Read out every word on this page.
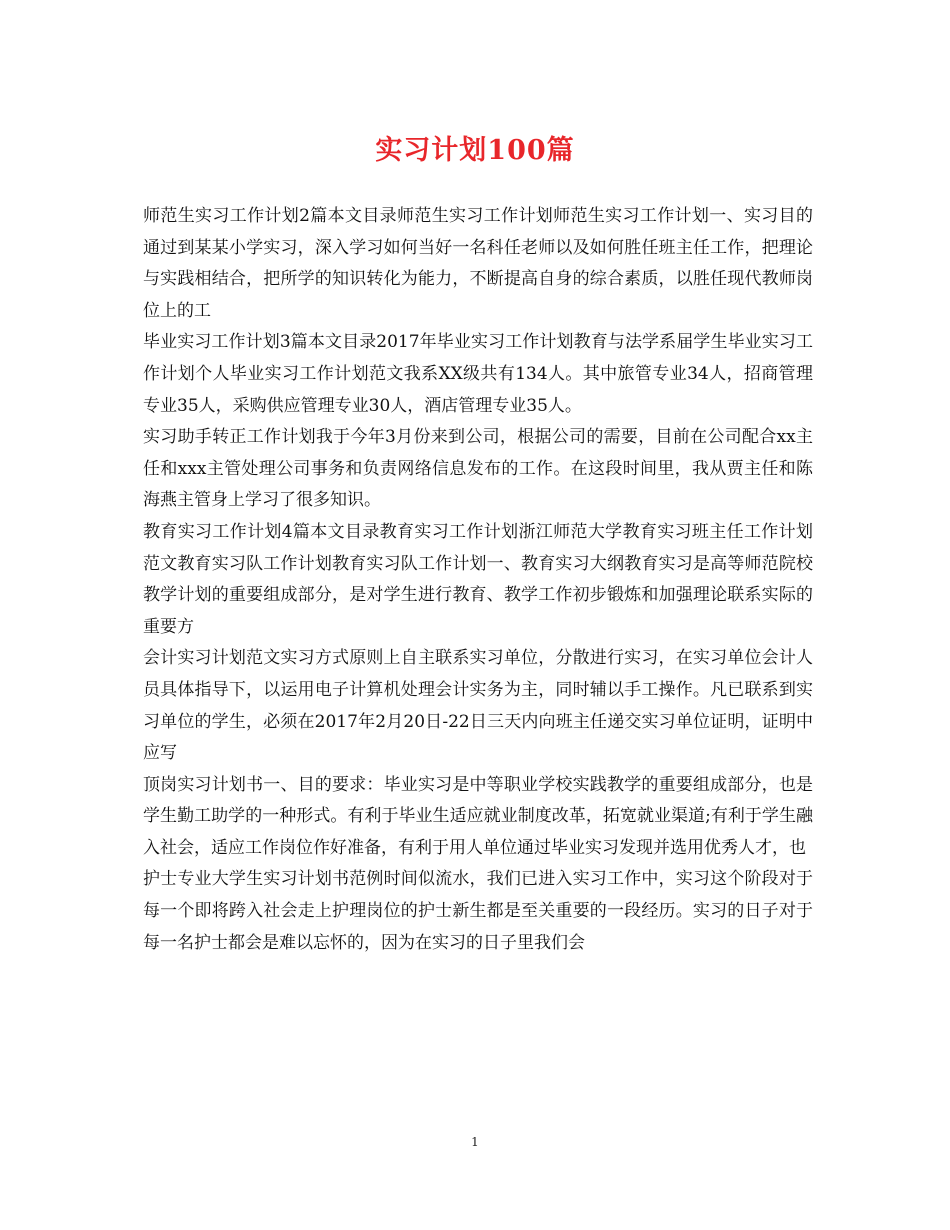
实习计划100篇

师范生实习工作计划2篇本文目录师范生实习工作计划师范生实习工作计划一、实习目的通过到某某小学实习，深入学习如何当好一名科任老师以及如何胜任班主任工作，把理论与实践相结合，把所学的知识转化为能力，不断提高自身的综合素质，以胜任现代教师岗位上的工

毕业实习工作计划3篇本文目录2017年毕业实习工作计划教育与法学系届学生毕业实习工作计划个人毕业实习工作计划范文我系XX级共有134人。其中旅管专业34人，招商管理专业35人，采购供应管理专业30人，酒店管理专业35人。

实习助手转正工作计划我于今年3月份来到公司，根据公司的需要，目前在公司配合xx主任和xxx主管处理公司事务和负责网络信息发布的工作。在这段时间里，我从贾主任和陈海燕主管身上学习了很多知识。

教育实习工作计划4篇本文目录教育实习工作计划浙江师范大学教育实习班主任工作计划范文教育实习队工作计划教育实习队工作计划一、教育实习大纲教育实习是高等师范院校教学计划的重要组成部分，是对学生进行教育、教学工作初步锻炼和加强理论联系实际的重要方

会计实习计划范文实习方式原则上自主联系实习单位，分散进行实习，在实习单位会计人员具体指导下，以运用电子计算机处理会计实务为主，同时辅以手工操作。凡已联系到实习单位的学生，必须在2017年2月20日-22日三天内向班主任递交实习单位证明，证明中应写

顶岗实习计划书一、目的要求：毕业实习是中等职业学校实践教学的重要组成部分，也是学生勤工助学的一种形式。有利于毕业生适应就业制度改革，拓宽就业渠道;有利于学生融入社会，适应工作岗位作好准备，有利于用人单位通过毕业实习发现并选用优秀人才，也

护士专业大学生实习计划书范例时间似流水，我们已进入实习工作中，实习这个阶段对于每一个即将跨入社会走上护理岗位的护士新生都是至关重要的一段经历。实习的日子对于每一名护士都会是难以忘怀的，因为在实习的日子里我们会

1
